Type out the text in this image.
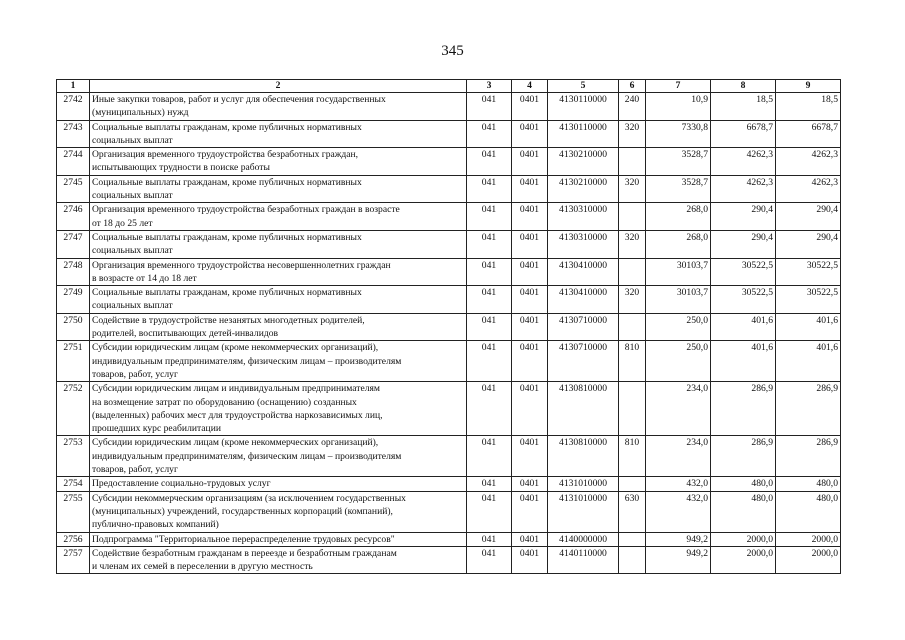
345
1	2	3	4	5	6	7	8	9

2742	Иные закупки товаров, работ и услуг для обеспечения государственных
(муниципальных) нужд	041	0401	4130110000	240	10,9	18,5	18,5

2743	Социальные выплаты гражданам, кроме публичных нормативных
социальных выплат	041	0401	4130110000	320	7330,8	6678,7	6678,7

2744	Организация временного трудоустройства безработных граждан,
испытывающих трудности в поиске работы	041	0401	4130210000		3528,7	4262,3	4262,3

2745	Социальные выплаты гражданам, кроме публичных нормативных
социальных выплат	041	0401	4130210000	320	3528,7	4262,3	4262,3

2746	Организация временного трудоустройства безработных граждан в возрасте
от 18 до 25 лет	041	0401	4130310000		268,0	290,4	290,4

2747	Социальные выплаты гражданам, кроме публичных нормативных
социальных выплат	041	0401	4130310000	320	268,0	290,4	290,4

2748	Организация временного трудоустройства несовершеннолетних граждан
в возрасте от 14 до 18 лет	041	0401	4130410000		30103,7	30522,5	30522,5

2749	Социальные выплаты гражданам, кроме публичных нормативных
социальных выплат	041	0401	4130410000	320	30103,7	30522,5	30522,5

2750	Содействие в трудоустройстве незанятых многодетных родителей,
родителей, воспитывающих детей-инвалидов	041	0401	4130710000		250,0	401,6	401,6

2751	Субсидии юридическим лицам (кроме некоммерческих организаций),
индивидуальным предпринимателям, физическим лицам – производителям
товаров, работ, услуг	041	0401	4130710000	810	250,0	401,6	401,6

2752	Субсидии юридическим лицам и индивидуальным предпринимателям
на возмещение затрат по оборудованию (оснащению) созданных
(выделенных) рабочих мест для трудоустройства наркозависимых лиц,
прошедших курс реабилитации	041	0401	4130810000		234,0	286,9	286,9

2753	Субсидии юридическим лицам (кроме некоммерческих организаций),
индивидуальным предпринимателям, физическим лицам – производителям
товаров, работ, услуг	041	0401	4130810000	810	234,0	286,9	286,9

2754	Предоставление социально-трудовых услуг	041	0401	4131010000		432,0	480,0	480,0

2755	Субсидии некоммерческим организациям (за исключением государственных
(муниципальных) учреждений, государственных корпораций (компаний),
публично-правовых компаний)	041	0401	4131010000	630	432,0	480,0	480,0

2756	Подпрограмма "Территориальное перераспределение трудовых ресурсов"	041	0401	4140000000		949,2	2000,0	2000,0

2757	Содействие безработным гражданам в переезде и безработным гражданам
и членам их семей в переселении в другую местность	041	0401	4140110000		949,2	2000,0	2000,0
